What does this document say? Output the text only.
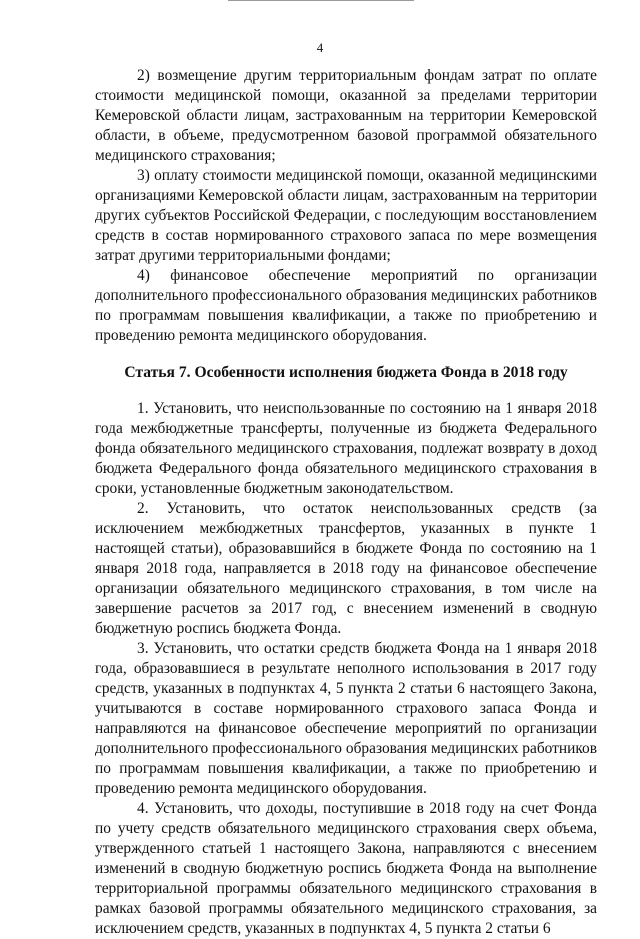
4

2) возмещение другим территориальным фондам затрат по оплате стоимости медицинской помощи, оказанной за пределами территории Кемеровской области лицам, застрахованным на территории Кемеровской области, в объеме, предусмотренном базовой программой обязательного медицинского страхования;

3) оплату стоимости медицинской помощи, оказанной медицинскими организациями Кемеровской области лицам, застрахованным на территории других субъектов Российской Федерации, с последующим восстановлением средств в состав нормированного страхового запаса по мере возмещения затрат другими территориальными фондами;

4) финансовое обеспечение мероприятий по организации дополнительного профессионального образования медицинских работников по программам повышения квалификации, а также по приобретению и проведению ремонта медицинского оборудования.

Статья 7. Особенности исполнения бюджета Фонда в 2018 году

1. Установить, что неиспользованные по состоянию на 1 января 2018 года межбюджетные трансферты, полученные из бюджета Федерального фонда обязательного медицинского страхования, подлежат возврату в доход бюджета Федерального фонда обязательного медицинского страхования в сроки, установленные бюджетным законодательством.

2. Установить, что остаток неиспользованных средств (за исключением межбюджетных трансфертов, указанных в пункте 1 настоящей статьи), образовавшийся в бюджете Фонда по состоянию на 1 января 2018 года, направляется в 2018 году на финансовое обеспечение организации обязательного медицинского страхования, в том числе на завершение расчетов за 2017 год, с внесением изменений в сводную бюджетную роспись бюджета Фонда.

3. Установить, что остатки средств бюджета Фонда на 1 января 2018 года, образовавшиеся в результате неполного использования в 2017 году средств, указанных в подпунктах 4, 5 пункта 2 статьи 6 настоящего Закона, учитываются в составе нормированного страхового запаса Фонда и направляются на финансовое обеспечение мероприятий по организации дополнительного профессионального образования медицинских работников по программам повышения квалификации, а также по приобретению и проведению ремонта медицинского оборудования.

4. Установить, что доходы, поступившие в 2018 году на счет Фонда по учету средств обязательного медицинского страхования сверх объема, утвержденного статьей 1 настоящего Закона, направляются с внесением изменений в сводную бюджетную роспись бюджета Фонда на выполнение территориальной программы обязательного медицинского страхования в рамках базовой программы обязательного медицинского страхования, за исключением средств, указанных в подпунктах 4, 5 пункта 2 статьи 6
